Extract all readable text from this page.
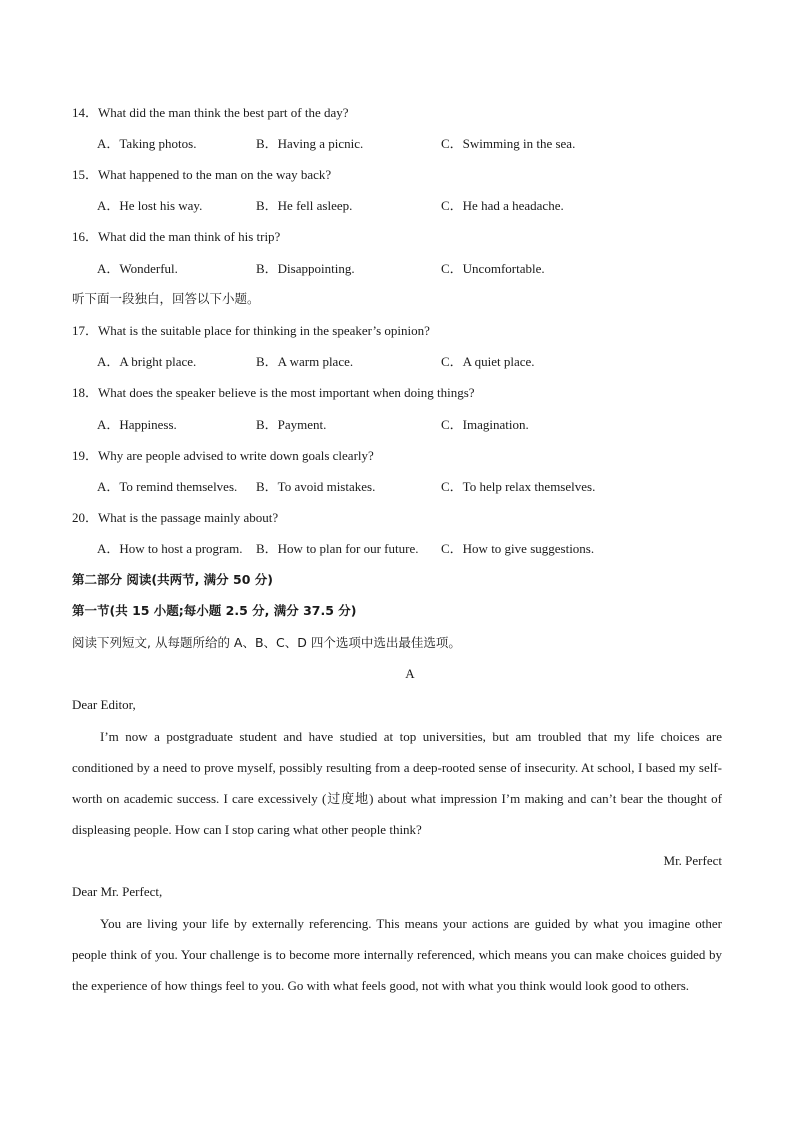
14．What did the man think the best part of the day?
A．Taking photos.	B．Having a picnic.	C．Swimming in the sea.
15．What happened to the man on the way back?
A．He lost his way.	B．He fell asleep.	C．He had a headache.
16．What did the man think of his trip?
A．Wonderful.	B．Disappointing.	C．Uncomfortable.
听下面一段独白，回答以下小题。
17．What is the suitable place for thinking in the speaker’s opinion?
A．A bright place.	B．A warm place.	C．A quiet place.
18．What does the speaker believe is the most important when doing things?
A．Happiness.	B．Payment.	C．Imagination.
19．Why are people advised to write down goals clearly?
A．To remind themselves. B．To avoid mistakes.	C．To help relax themselves.
20．What is the passage mainly about?
A．How to host a program. B．How to plan for our future. C．How to give suggestions.
第二部分 阅读(共两节, 满分 50 分)
第一节(共 15 小题;每小题 2.5 分, 满分 37.5 分)
阅读下列短文, 从每题所给的 A、B、C、D 四个选项中选出最佳选项。
A
Dear Editor,
I’m now a postgraduate student and have studied at top universities, but am troubled that my life choices are conditioned by a need to prove myself, possibly resulting from a deep-rooted sense of insecurity. At school, I based my self-worth on academic success. I care excessively (过度地) about what impression I’m making and can’t bear the thought of displeasing people. How can I stop caring what other people think?
Mr. Perfect
Dear Mr. Perfect,
You are living your life by externally referencing. This means your actions are guided by what you imagine other people think of you. Your challenge is to become more internally referenced, which means you can make choices guided by the experience of how things feel to you. Go with what feels good, not with what you think would look good to others.
